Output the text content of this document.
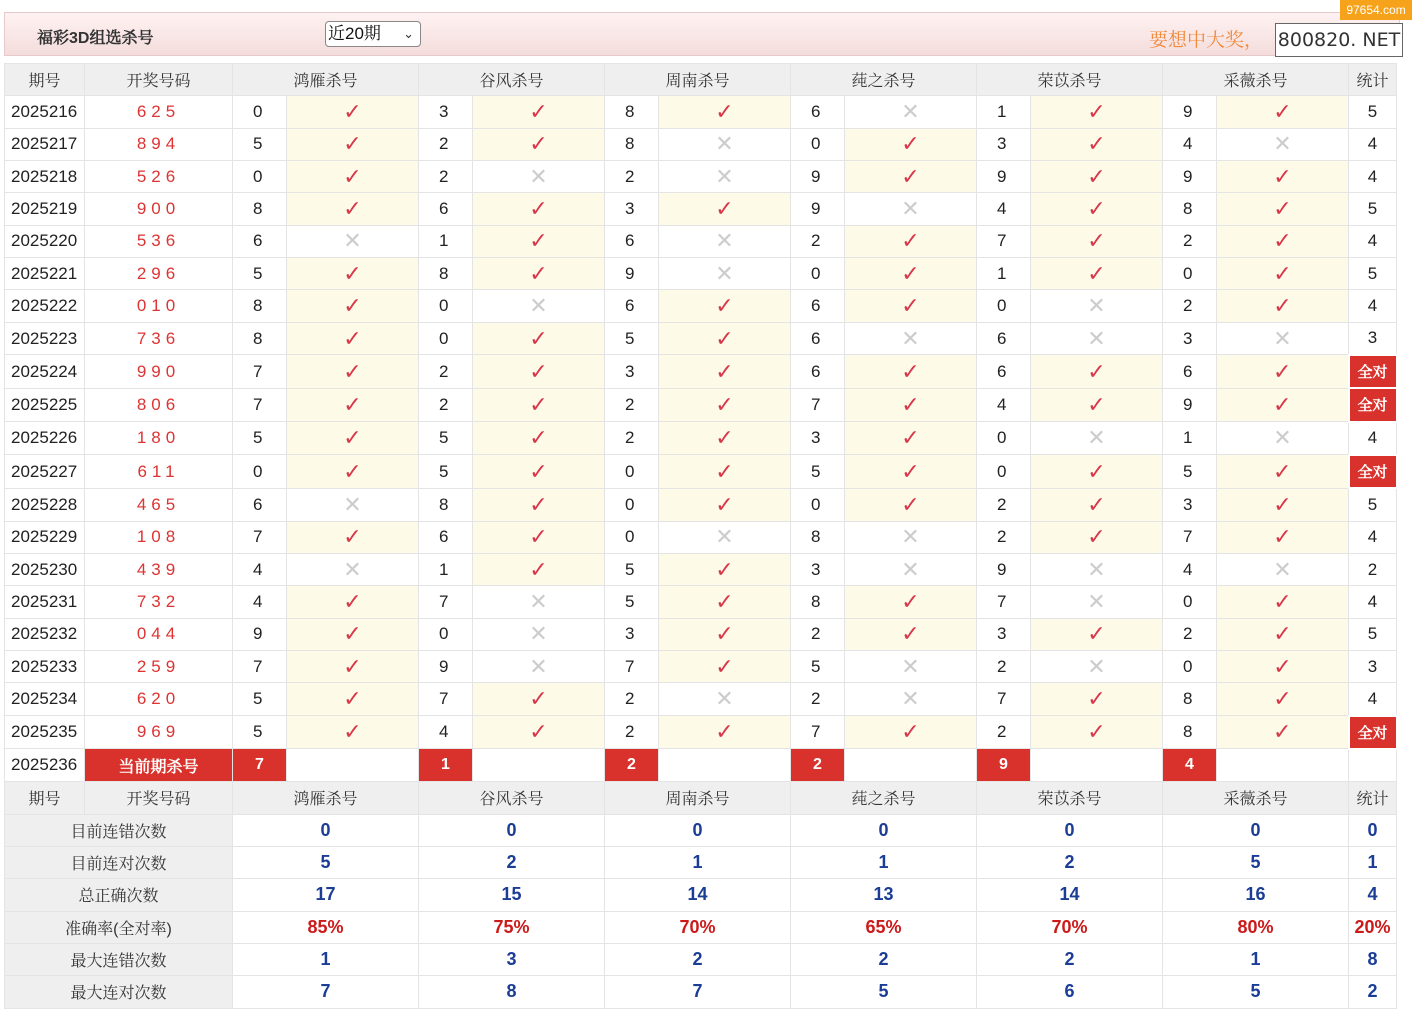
福彩3D组选杀号	近20期 ⌄	要想中大奖， 800820. NET
97654.com
期号	开奖号码	鸿雁杀号		谷风杀号		周南杀号		莼之杀号		荣苡杀号		采薇杀号		统计
2025216	625	0	✓	3	✓	8	✓	6	✕	1	✓	9	✓	5
2025217	894	5	✓	2	✓	8	✕	0	✓	3	✓	4	✕	4
2025218	526	0	✓	2	✕	2	✕	9	✓	9	✓	9	✓	4
2025219	900	8	✓	6	✓	3	✓	9	✕	4	✓	8	✓	5
2025220	536	6	✕	1	✓	6	✕	2	✓	7	✓	2	✓	4
2025221	296	5	✓	8	✓	9	✕	0	✓	1	✓	0	✓	5
2025222	010	8	✓	0	✕	6	✓	6	✓	0	✕	2	✓	4
2025223	736	8	✓	0	✓	5	✓	6	✕	6	✕	3	✕	3
2025224	990	7	✓	2	✓	3	✓	6	✓	6	✓	6	✓	全对
2025225	806	7	✓	2	✓	2	✓	7	✓	4	✓	9	✓	全对
2025226	180	5	✓	5	✓	2	✓	3	✓	0	✕	1	✕	4
2025227	611	0	✓	5	✓	0	✓	5	✓	0	✓	5	✓	全对
2025228	465	6	✕	8	✓	0	✓	0	✓	2	✓	3	✓	5
2025229	108	7	✓	6	✓	0	✕	8	✕	2	✓	7	✓	4
2025230	439	4	✕	1	✓	5	✓	3	✕	9	✕	4	✕	2
2025231	732	4	✓	7	✕	5	✓	8	✓	7	✕	0	✓	4
2025232	044	9	✓	0	✕	3	✓	2	✓	3	✓	2	✓	5
2025233	259	7	✓	9	✕	7	✓	5	✕	2	✕	0	✓	3
2025234	620	5	✓	7	✓	2	✕	2	✕	7	✓	8	✓	4
2025235	969	5	✓	4	✓	2	✓	7	✓	2	✓	8	✓	全对
2025236	当前期杀号	7		1		2		2		9		4		
期号	开奖号码	鸿雁杀号		谷风杀号		周南杀号		莼之杀号		荣苡杀号		采薇杀号		统计
目前连错次数		0		0		0		0		0		0		0
目前连对次数		5		2		1		1		2		5		1
总正确次数		17		15		14		13		14		16		4
准确率(全对率)		85%		75%		70%		65%		70%		80%		20%
最大连错次数		1		3		2		2		2		1		8
最大连对次数		7		8		7		5		6		5		2
